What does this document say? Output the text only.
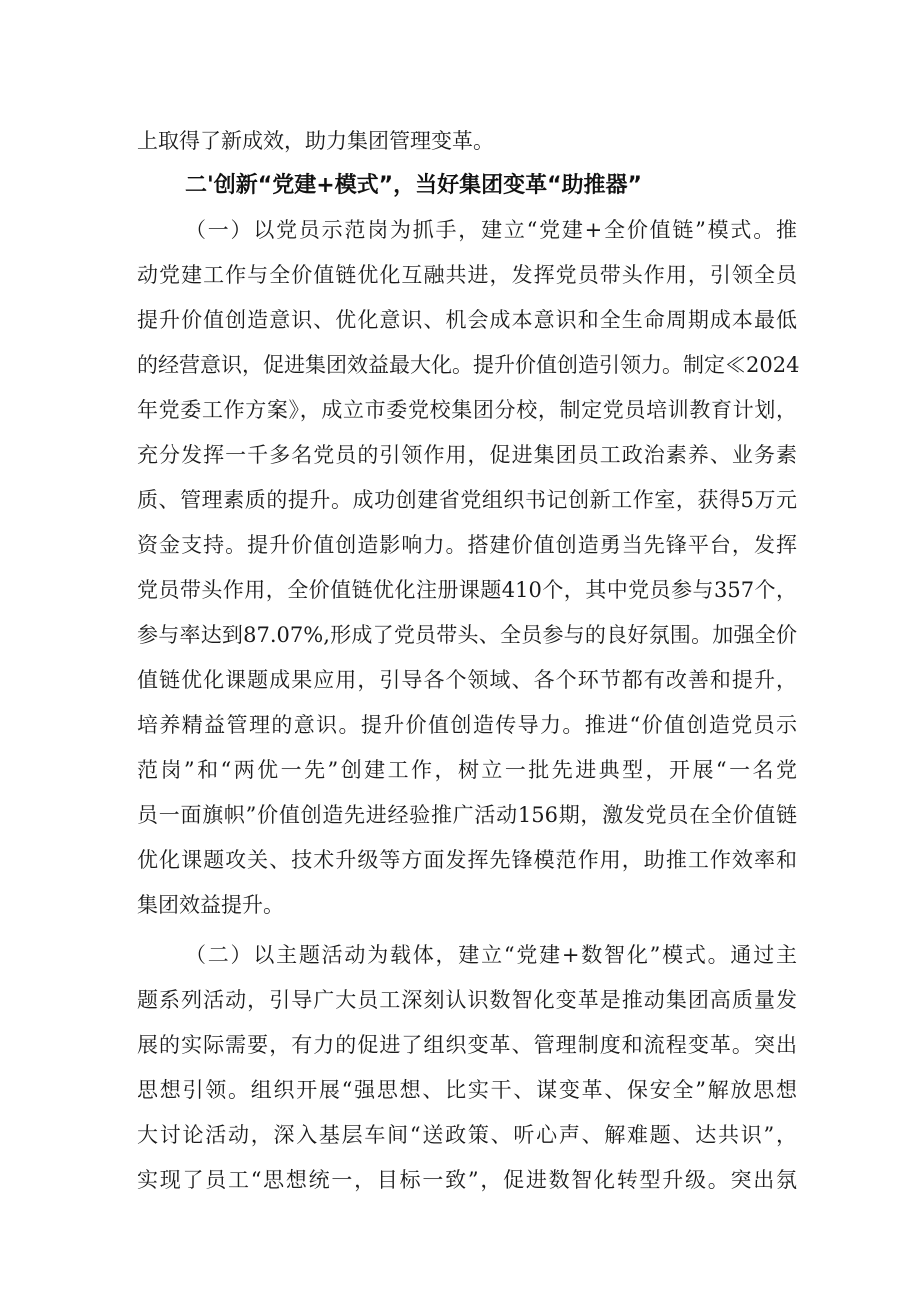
上取得了新成效，助力集团管理变革。
二'创新“党建+模式”，当好集团变革“助推器”
（一）以党员示范岗为抓手，建立“党建+全价值链”模式。推
动党建工作与全价值链优化互融共进，发挥党员带头作用，引领全员
提升价值创造意识、优化意识、机会成本意识和全生命周期成本最低
的经营意识，促进集团效益最大化。提升价值创造引领力。制定≪2024
年党委工作方案》，成立市委党校集团分校，制定党员培训教育计划，
充分发挥一千多名党员的引领作用，促进集团员工政治素养、业务素
质、管理素质的提升。成功创建省党组织书记创新工作室，获得5万元
资金支持。提升价值创造影响力。搭建价值创造勇当先锋平台，发挥
党员带头作用，全价值链优化注册课题410个，其中党员参与357个，
参与率达到87.07%,形成了党员带头、全员参与的良好氛围。加强全价
值链优化课题成果应用，引导各个领域、各个环节都有改善和提升，
培养精益管理的意识。提升价值创造传导力。推进“价值创造党员示
范岗”和“两优一先”创建工作，树立一批先进典型，开展“一名党
员一面旗帜”价值创造先进经验推广活动156期，激发党员在全价值链
优化课题攻关、技术升级等方面发挥先锋模范作用，助推工作效率和
集团效益提升。
（二）以主题活动为载体，建立“党建+数智化”模式。通过主
题系列活动，引导广大员工深刻认识数智化变革是推动集团高质量发
展的实际需要，有力的促进了组织变革、管理制度和流程变革。突出
思想引领。组织开展“强思想、比实干、谋变革、保安全”解放思想
大讨论活动，深入基层车间“送政策、听心声、解难题、达共识”，
实现了员工“思想统一，目标一致”，促进数智化转型升级。突出氛
